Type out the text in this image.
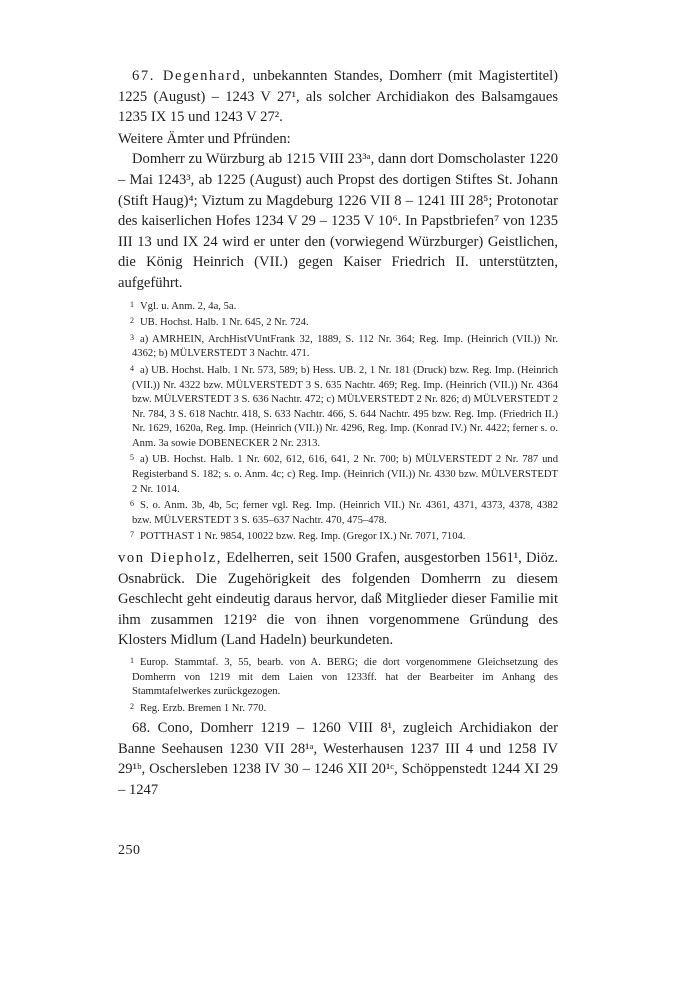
67. Degenhard, unbekannten Standes, Domherr (mit Magistertitel) 1225 (August) – 1243 V 27¹, als solcher Archidiakon des Balsamgaues 1235 IX 15 und 1243 V 27².

Weitere Ämter und Pfründen:

Domherr zu Würzburg ab 1215 VIII 23³ᵃ, dann dort Domscholaster 1220 – Mai 1243³, ab 1225 (August) auch Propst des dortigen Stiftes St. Johann (Stift Haug)⁴; Viztum zu Magdeburg 1226 VII 8 – 1241 III 28⁵; Protonotar des kaiserlichen Hofes 1234 V 29 – 1235 V 10⁶. In Papstbriefen⁷ von 1235 III 13 und IX 24 wird er unter den (vorwiegend Würzburger) Geistlichen, die König Heinrich (VII.) gegen Kaiser Friedrich II. unterstützten, aufgeführt.

1 Vgl. u. Anm. 2, 4a, 5a.

2 UB. Hochst. Halb. 1 Nr. 645, 2 Nr. 724.

3 a) AMRHEIN, ArchHistVUntFrank 32, 1889, S. 112 Nr. 364; Reg. Imp. (Heinrich (VII.)) Nr. 4362; b) MÜLVERSTEDT 3 Nachtr. 471.

4 a) UB. Hochst. Halb. 1 Nr. 573, 589; b) Hess. UB. 2, 1 Nr. 181 (Druck) bzw. Reg. Imp. (Heinrich (VII.)) Nr. 4322 bzw. MÜLVERSTEDT 3 S. 635 Nachtr. 469; Reg. Imp. (Heinrich (VII.)) Nr. 4364 bzw. MÜLVERSTEDT 3 S. 636 Nachtr. 472; c) MÜLVERSTEDT 2 Nr. 826; d) MÜLVERSTEDT 2 Nr. 784, 3 S. 618 Nachtr. 418, S. 633 Nachtr. 466, S. 644 Nachtr. 495 bzw. Reg. Imp. (Friedrich II.) Nr. 1629, 1620a, Reg. Imp. (Heinrich (VII.)) Nr. 4296, Reg. Imp. (Konrad IV.) Nr. 4422; ferner s. o. Anm. 3a sowie DOBENECKER 2 Nr. 2313.

5 a) UB. Hochst. Halb. 1 Nr. 602, 612, 616, 641, 2 Nr. 700; b) MÜLVERSTEDT 2 Nr. 787 und Registerband S. 182; s. o. Anm. 4c; c) Reg. Imp. (Heinrich (VII.)) Nr. 4330 bzw. MÜLVERSTEDT 2 Nr. 1014.

6 S. o. Anm. 3b, 4b, 5c; ferner vgl. Reg. Imp. (Heinrich VII.) Nr. 4361, 4371, 4373, 4378, 4382 bzw. MÜLVERSTEDT 3 S. 635–637 Nachtr. 470, 475–478.

7 POTTHAST 1 Nr. 9854, 10022 bzw. Reg. Imp. (Gregor IX.) Nr. 7071, 7104.

von Diepholz, Edelherren, seit 1500 Grafen, ausgestorben 1561¹, Diöz. Osnabrück. Die Zugehörigkeit des folgenden Domherrn zu diesem Geschlecht geht eindeutig daraus hervor, daß Mitglieder dieser Familie mit ihm zusammen 1219² die von ihnen vorgenommene Gründung des Klosters Midlum (Land Hadeln) beurkundeten.

1 Europ. Stammtaf. 3, 55, bearb. von A. BERG; die dort vorgenommene Gleichsetzung des Domherrn von 1219 mit dem Laien von 1233ff. hat der Bearbeiter im Anhang des Stammtafelwerkes zurückgezogen.

2 Reg. Erzb. Bremen 1 Nr. 770.

68. Cono, Domherr 1219 – 1260 VIII 8¹, zugleich Archidiakon der Banne Seehausen 1230 VII 28¹ᵃ, Westerhausen 1237 III 4 und 1258 IV 29¹ᵇ, Oschersleben 1238 IV 30 – 1246 XII 20¹ᶜ, Schöppenstedt 1244 XI 29 – 1247

250
